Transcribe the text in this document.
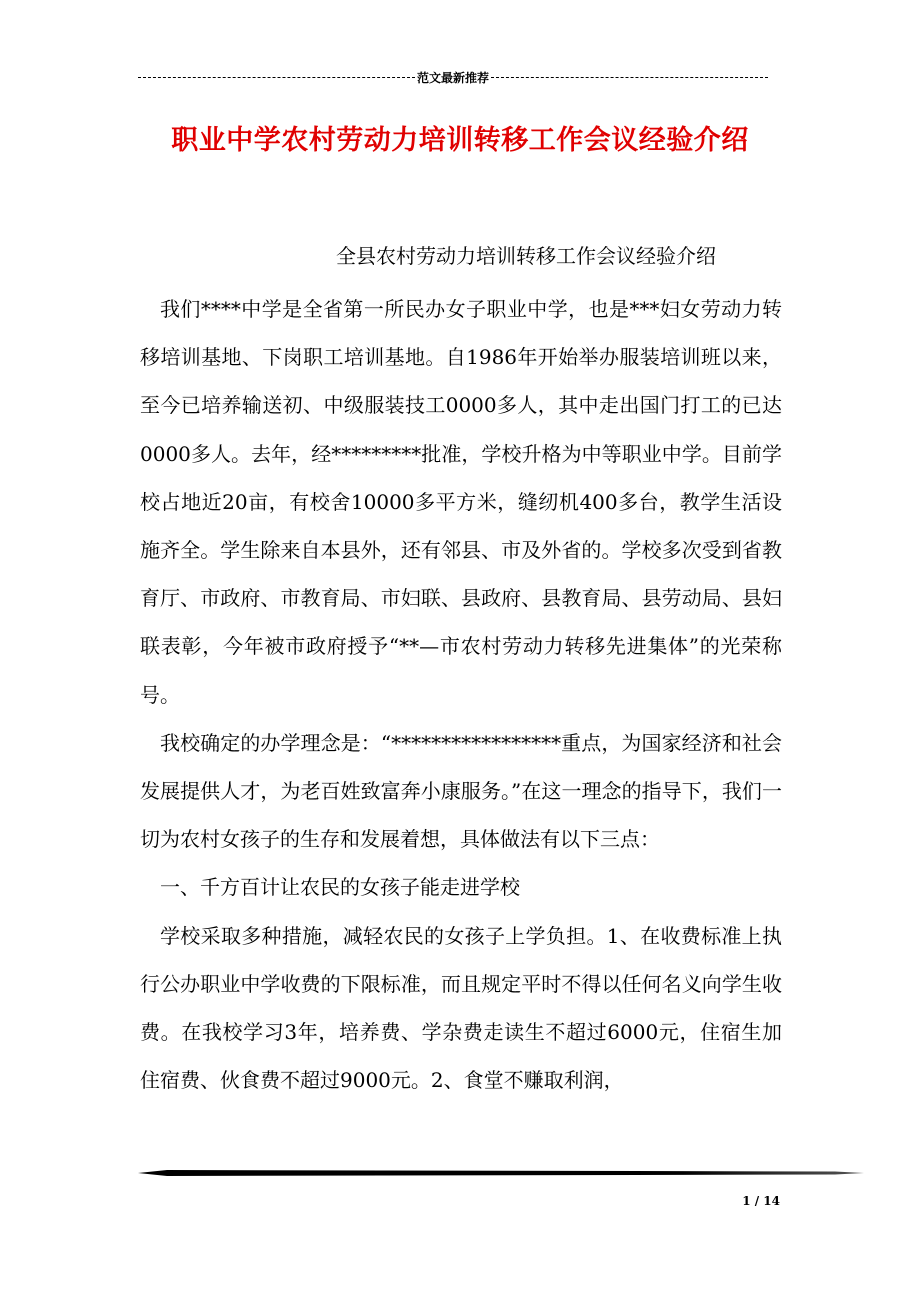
范文最新推荐
职业中学农村劳动力培训转移工作会议经验介绍
全县农村劳动力培训转移工作会议经验介绍

我们****中学是全省第一所民办女子职业中学，也是***妇女劳动力转移培训基地、下岗职工培训基地。自1986年开始举办服装培训班以来，至今已培养输送初、中级服装技工0000多人，其中走出国门打工的已达0000多人。去年，经*********批准，学校升格为中等职业中学。目前学校占地近20亩，有校舍10000多平方米，缝纫机400多台，教学生活设施齐全。学生除来自本县外，还有邻县、市及外省的。学校多次受到省教育厅、市政府、市教育局、市妇联、县政府、县教育局、县劳动局、县妇联表彰，今年被市政府授予“**—市农村劳动力转移先进集体”的光荣称号。

我校确定的办学理念是：“*****************重点，为国家经济和社会发展提供人才，为老百姓致富奔小康服务。”在这一理念的指导下，我们一切为农村女孩子的生存和发展着想，具体做法有以下三点：

一、千方百计让农民的女孩子能走进学校

学校采取多种措施，减轻农民的女孩子上学负担。1、在收费标准上执行公办职业中学收费的下限标准，而且规定平时不得以任何名义向学生收费。在我校学习3年，培养费、学杂费走读生不超过6000元，住宿生加住宿费、伙食费不超过9000元。2、食堂不赚取利润，

1 / 14
